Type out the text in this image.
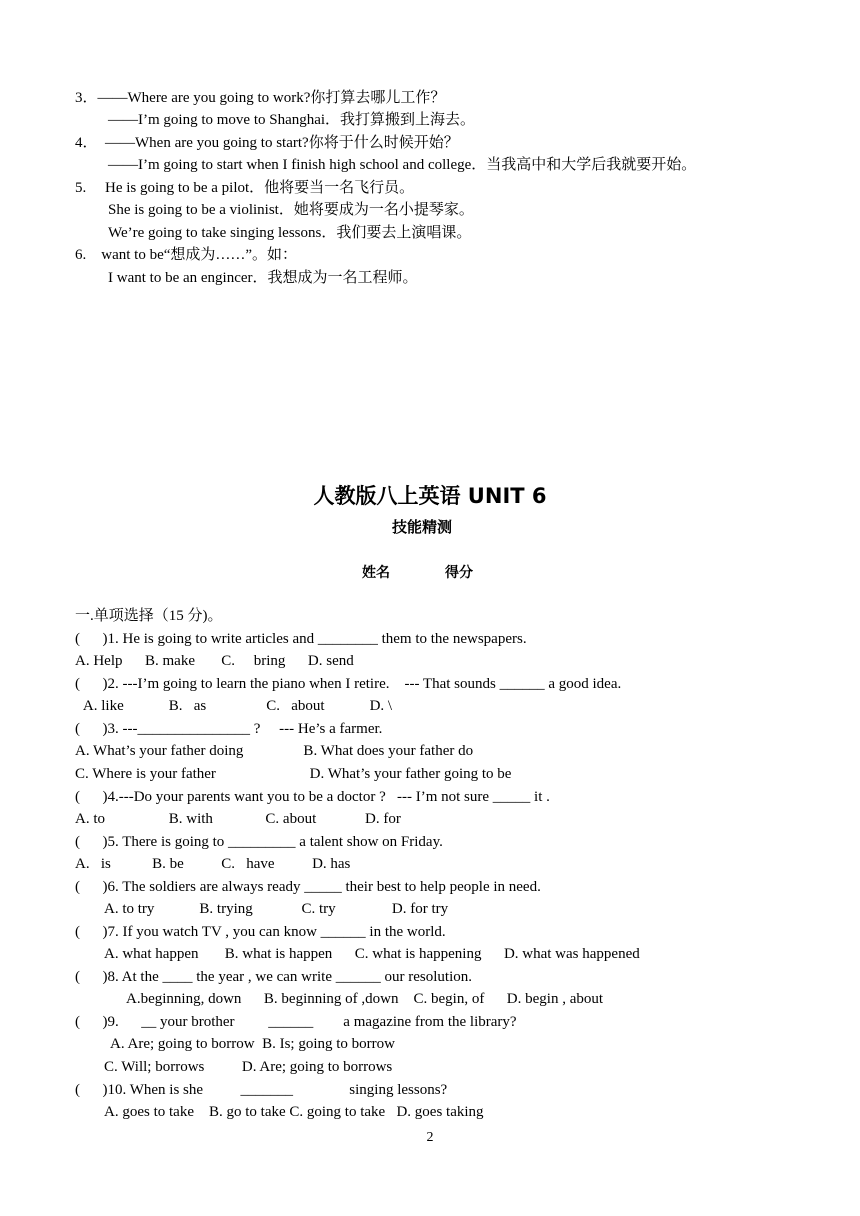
3．——Where are you going to work?你打算去哪儿工作？
——I’m going to move to Shanghai．我打算搬到上海去。
4．  ——When are you going to start?你将于什么时候开始？
——I’m going to start when I finish high school and college．当我高中和大学后我就要开始。
5.     He is going to be a pilot．他将要当一名飞行员。
She is going to be a violinist．她将要成为一名小提琴家。
We’re going to take singing lessons．我们要去上演唱课。
6.    want to be“想成为……”。如：
I want to be an engincer．我想成为一名工程师。
人教版八上英语 UNIT 6
技能精测
姓名	得分
一.单项选择（15 分)。
(      )1. He is going to write articles and ________ them to the newspapers.
A. Help      B. make       C.     bring      D. send
(      )2. ---I’m going to learn the piano when I retire.    --- That sounds ______ a good idea.
A. like            B.   as                C.   about            D. \
(      )3. ---_______________ ?     --- He’s a farmer.
A. What’s your father doing                B. What does your father do
C. Where is your father                         D. What’s your father going to be
(      )4.---Do your parents want you to be a doctor ?   --- I’m not sure _____ it .
A. to                 B. with              C. about             D. for
(      )5. There is going to _________ a talent show on Friday.
A.   is           B. be          C.   have          D. has
(      )6. The soldiers are always ready _____ their best to help people in need.
A. to try            B. trying             C. try               D. for try
(      )7. If you watch TV , you can know ______ in the world.
A. what happen       B. what is happen      C. what is happening      D. what was happened
(      )8. At the ____ the year , we can write ______ our resolution.
A.beginning, down      B. beginning of ,down    C. begin, of      D. begin , about
(      )9.      __ your brother         ______        a magazine from the library?
A. Are; going to borrow  B. Is; going to borrow
C. Will; borrows          D. Are; going to borrows
(      )10. When is she          _______               singing lessons?
A. goes to take    B. go to take C. going to take   D. goes taking
2
